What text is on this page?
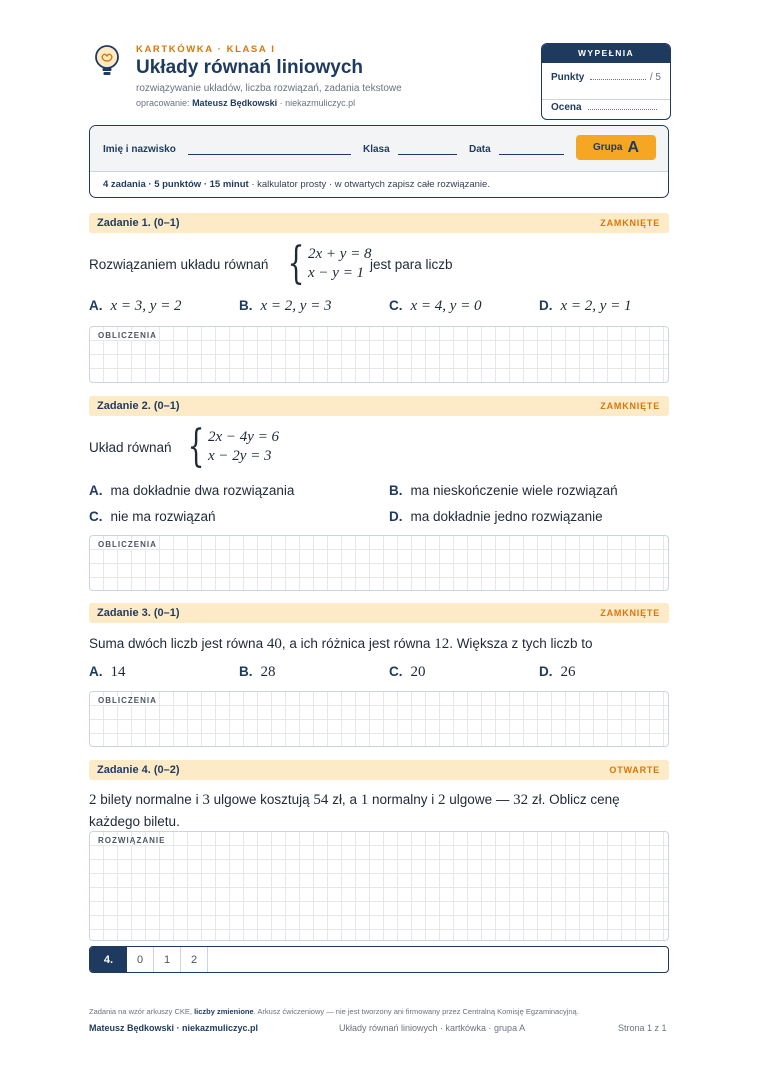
KARTKÓWKA · KLASA I
Układy równań liniowych
rozwiązywanie układów, liczba rozwiązań, zadania tekstowe
opracowanie: Mateusz Będkowski · niekazmuliczyc.pl
WYPEŁNIA NAUCZYCIEL
Punkty	/ 5
Ocena
Imię i nazwisko	Klasa	Data	Grupa A
4 zadania · 5 punktów · 15 minut · kalkulator prosty · w otwartych zapisz całe rozwiązanie.
Zadanie 1. (0–1)	ZAMKNIĘTE
Rozwiązaniem układu równań { 2x + y = 8
x − y = 1
jest para liczb
A. x = 3, y = 2	B. x = 2, y = 3	C. x = 4, y = 0	D. x = 2, y = 1
OBLICZENIA
Zadanie 2. (0–1)	ZAMKNIĘTE
Układ równań { 2x − 4y = 6
x − 2y = 3
A. ma dokładnie dwa rozwiązania	B. ma nieskończenie wiele rozwiązań
C. nie ma rozwiązań	D. ma dokładnie jedno rozwiązanie
OBLICZENIA
Zadanie 3. (0–1)	ZAMKNIĘTE
Suma dwóch liczb jest równa 40, a ich różnica jest równa 12. Większa z tych liczb to
A. 14	B. 28	C. 20	D. 26
OBLICZENIA
Zadanie 4. (0–2)	OTWARTE
2 bilety normalne i 3 ulgowe kosztują 54 zł, a 1 normalny i 2 ulgowe — 32 zł. Oblicz cenę
każdego biletu.
ROZWIĄZANIE
4.	0	1	2
Zadania na wzór arkuszy CKE, liczby zmienione. Arkusz ćwiczeniowy — nie jest tworzony ani firmowany przez Centralną Komisję Egzaminacyjną.
Mateusz Będkowski · niekazmuliczyc.pl	Układy równań liniowych · kartkówka · grupa A	Strona 1 z 1
